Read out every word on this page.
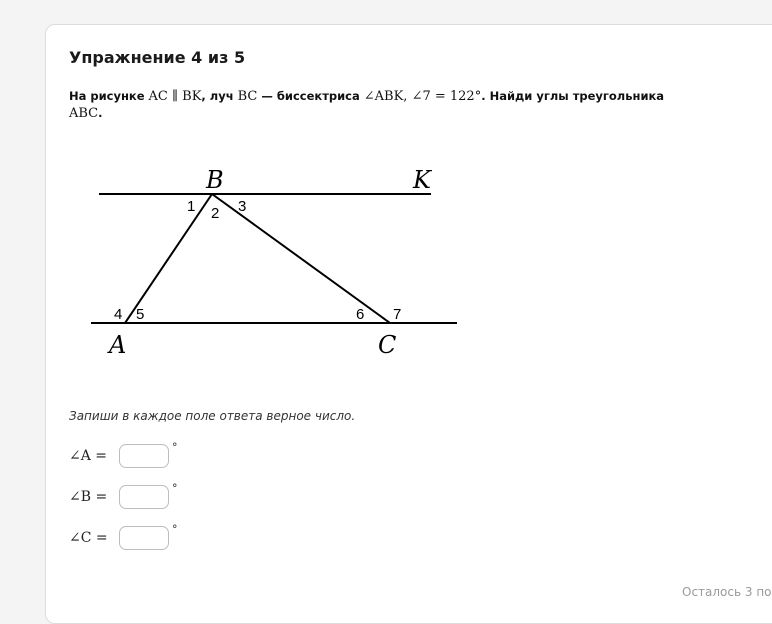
Упражнение 4 из 5
На рисунке AC ∥ BK, луч BC — биссектриса ∠ABK, ∠7 = 122°. Найди углы треугольника
ABC.
B	K
A	C
1 2 3
4 5	6 7
Запиши в каждое поле ответа верное число.
∠A =
°
∠B =
°
∠C =
°
Осталось 3 по
